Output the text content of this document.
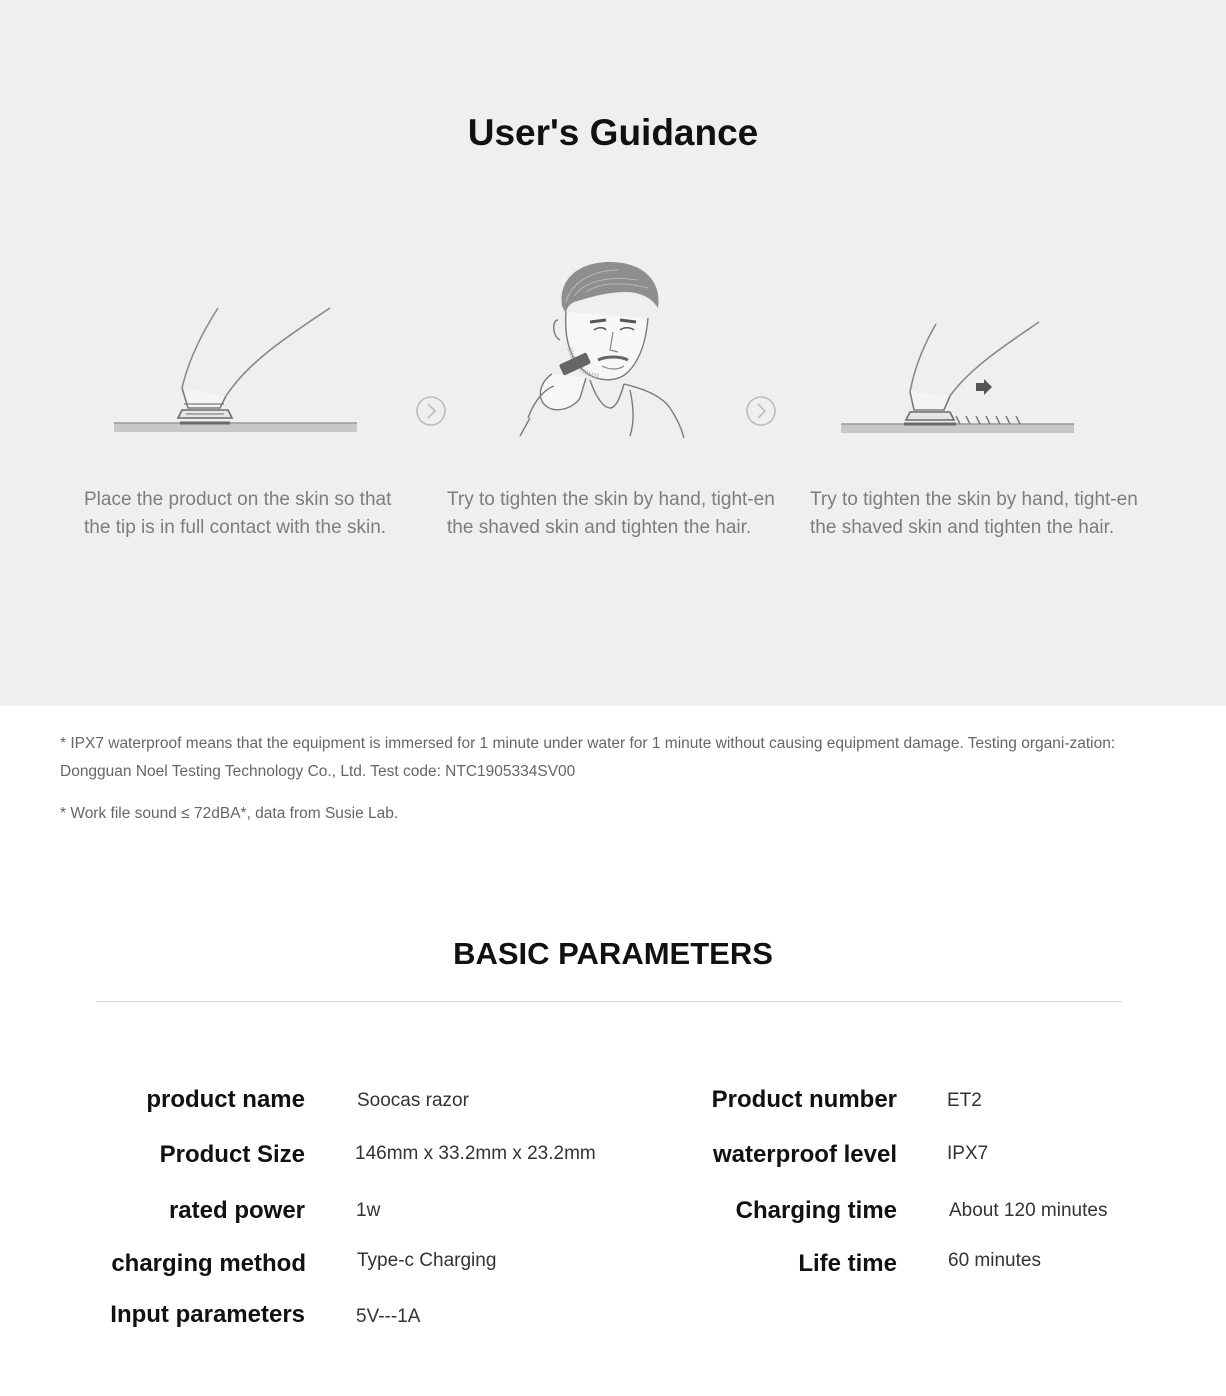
User's Guidance

Place the product on the skin so that the tip is in full contact with the skin.

Try to tighten the skin by hand, tight-en the shaved skin and tighten the hair.

Try to tighten the skin by hand, tight-en the shaved skin and tighten the hair.

* IPX7 waterproof means that the equipment is immersed for 1 minute under water for 1 minute without causing equipment damage. Testing organi-zation: Dongguan Noel Testing Technology Co., Ltd. Test code: NTC1905334SV00

* Work file sound ≤ 72dBA*, data from Susie Lab.

BASIC PARAMETERS
product name	Soocas razor
Product Size	146mm x 33.2mm x 23.2mm
rated power	1w
charging method	Type-c Charging
Input parameters	5V---1A
Product number	ET2
waterproof level	IPX7
Charging time	About 120 minutes
Life time	60 minutes
